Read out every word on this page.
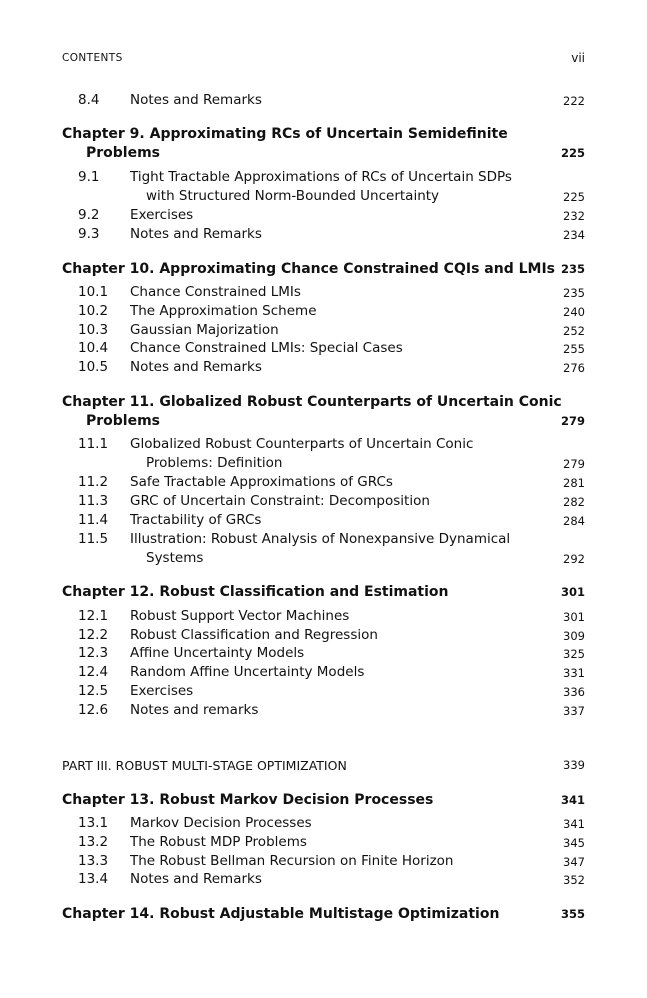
CONTENTS	vii
8.4 Notes and Remarks	222
Chapter 9. Approximating RCs of Uncertain Semidefinite
Problems	225
9.1 Tight Tractable Approximations of RCs of Uncertain SDPs
with Structured Norm-Bounded Uncertainty	225
9.2 Exercises	232
9.3 Notes and Remarks	234
Chapter 10. Approximating Chance Constrained CQIs and LMIs 235
10.1 Chance Constrained LMIs	235
10.2 The Approximation Scheme	240
10.3 Gaussian Majorization	252
10.4 Chance Constrained LMIs: Special Cases	255
10.5 Notes and Remarks	276
Chapter 11. Globalized Robust Counterparts of Uncertain Conic
Problems	279
11.1 Globalized Robust Counterparts of Uncertain Conic
Problems: Definition	279
11.2 Safe Tractable Approximations of GRCs	281
11.3 GRC of Uncertain Constraint: Decomposition	282
11.4 Tractability of GRCs	284
11.5 Illustration: Robust Analysis of Nonexpansive Dynamical
Systems	292
Chapter 12. Robust Classification and Estimation	301
12.1 Robust Support Vector Machines	301
12.2 Robust Classification and Regression	309
12.3 Affine Uncertainty Models	325
12.4 Random Affine Uncertainty Models	331
12.5 Exercises	336
12.6 Notes and remarks	337
PART III. ROBUST MULTI-STAGE OPTIMIZATION	339
Chapter 13. Robust Markov Decision Processes	341
13.1 Markov Decision Processes	341
13.2 The Robust MDP Problems	345
13.3 The Robust Bellman Recursion on Finite Horizon	347
13.4 Notes and Remarks	352
Chapter 14. Robust Adjustable Multistage Optimization	355
